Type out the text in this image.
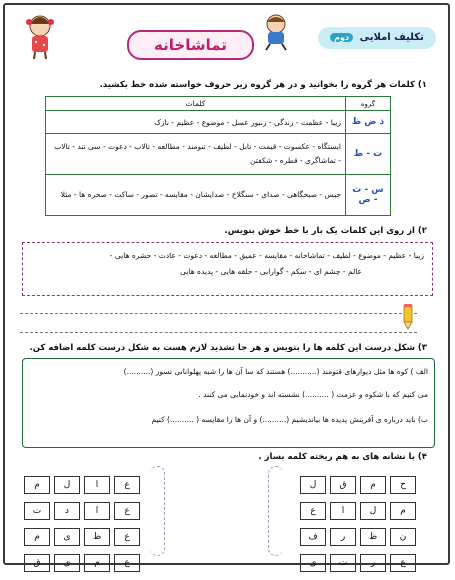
تکلیف املایی دوم
تماشاخانه
۱) کلمات هر گروه را بخوانید و در هر گروه زیر حروف خواسته شده خط بکشید.
گروه	کلمات
ذ ض ظ	زیبا - عظمت - زندگی - زنبور عسل - موضوع - عظیم - نازک
ت - ط	ایستگاه - عکسوت - قیمت - تابل - لطیف - تنومند - مطالعه - تالاب - دعوت - سی تند - تالاب - تماشاگری - قطره - شکفتن
س - ث - ص	حبس - صبحگاهی - صدای - سنگلاخ - صدایشان - مقایسه - تصور - ساکت - صخره ها - مثلا
۲) از روی این کلمات یک بار با خط خوش بنویس.
زیبا - عظیم - موضوع - لطیف - تماشاخانه - مقایسه - عمیق - مطالعه - دعوت - عادت - حشره هایی -
عالم - چشم ای - سکم - گوارایی - حلقه هایی - پدیده هایی
۳) شکل درست این کلمه ها را بنویس و هر جا تشدید لازم هست به شکل درست کلمه اضافه کن.
الف ) کوه ها مثل دیوارهای قتومند (...........) هستند که سا آن ها را شبه پهلوانانی تسور (..........)
می کنیم که با شکوه و عزمت ( ..........) نشسته اند و خودنمایی می کنند .
ب) باید درباره ی آفرینش پدیده ها بیاندیشیم (..........) و آن ها را مقایسه ( ..........) کنیم
۴) با نشانه های به هم ریخته کلمه بساز .
ح	م	ق	ل
م	ل	ا	ع
ن	ظ	ر	ف
ع	ر	ت	ی
ع	ا	ل	م
ع	ا	د	ت
ع	ظ	ی	م
ع	م	ی	ق
